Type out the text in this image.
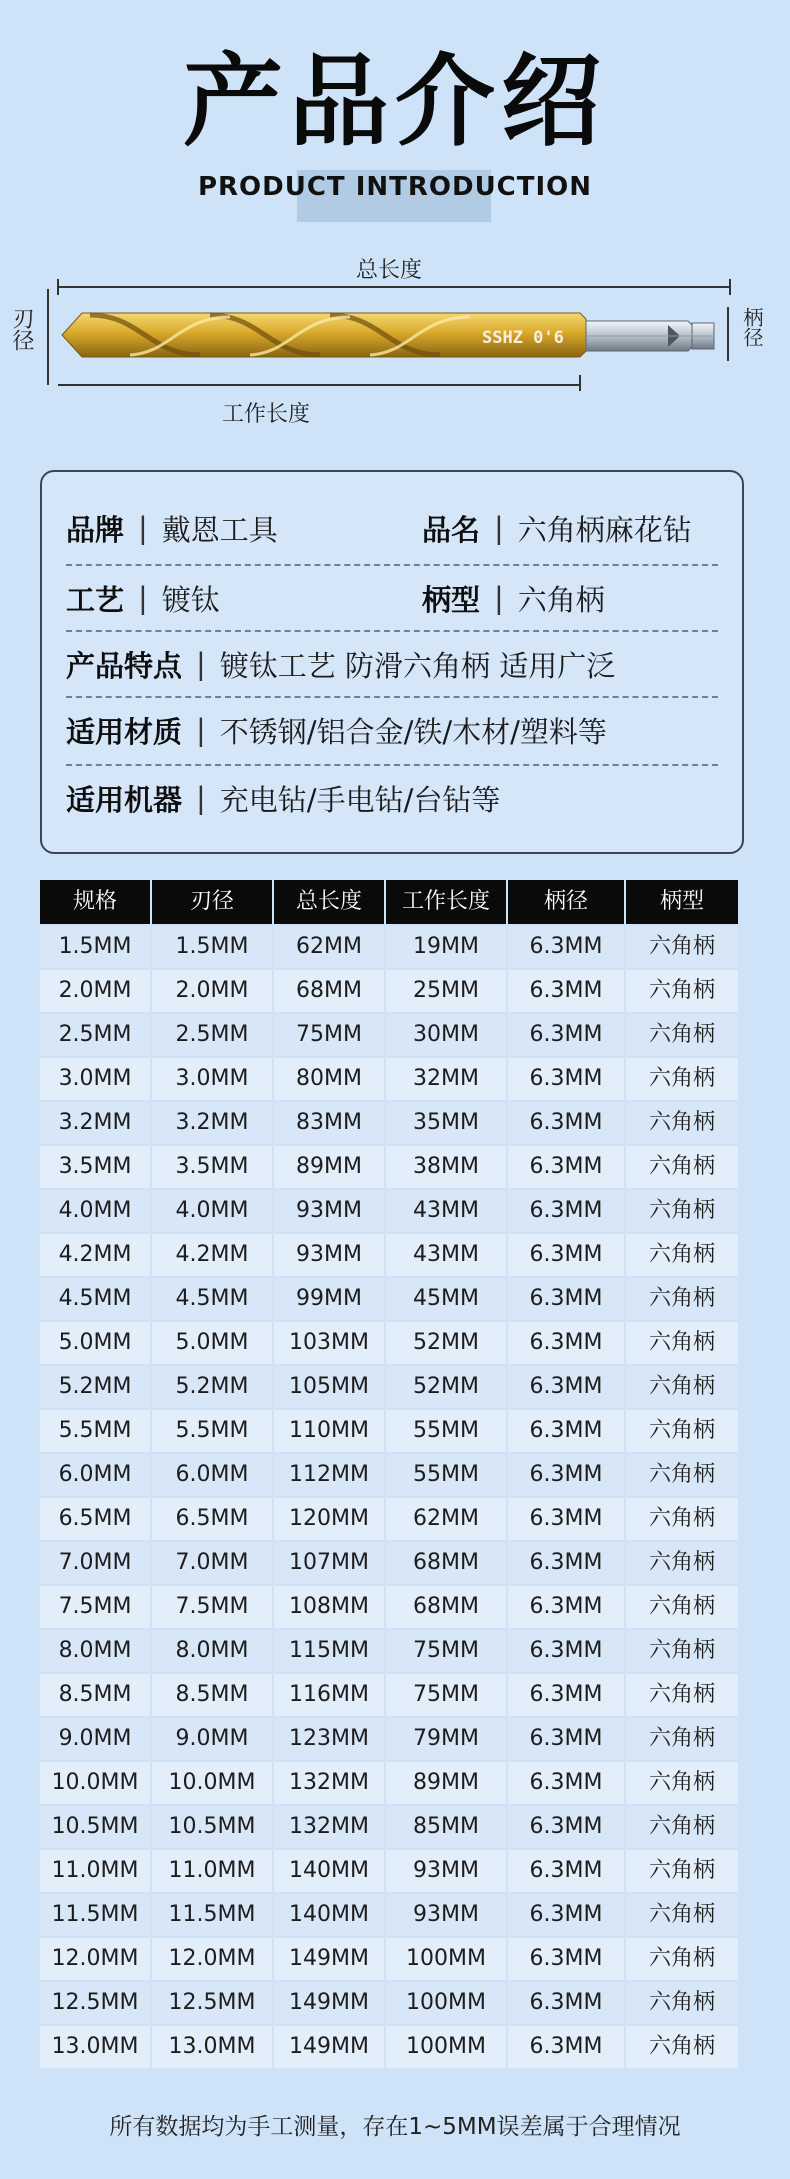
产品介绍
PRODUCT INTRODUCTION
总长度
刃径	柄径
工作长度
SSHZ 0'6
品牌 | 戴恩工具	品名 | 六角柄麻花钻
工艺 | 镀钛	柄型 | 六角柄
产品特点 | 镀钛工艺 防滑六角柄 适用广泛
适用材质 | 不锈钢/铝合金/铁/木材/塑料等
适用机器 | 充电钻/手电钻/台钻等
规格	刃径	总长度	工作长度	柄径	柄型
1.5MM	1.5MM	62MM	19MM	6.3MM	六角柄
2.0MM	2.0MM	68MM	25MM	6.3MM	六角柄
2.5MM	2.5MM	75MM	30MM	6.3MM	六角柄
3.0MM	3.0MM	80MM	32MM	6.3MM	六角柄
3.2MM	3.2MM	83MM	35MM	6.3MM	六角柄
3.5MM	3.5MM	89MM	38MM	6.3MM	六角柄
4.0MM	4.0MM	93MM	43MM	6.3MM	六角柄
4.2MM	4.2MM	93MM	43MM	6.3MM	六角柄
4.5MM	4.5MM	99MM	45MM	6.3MM	六角柄
5.0MM	5.0MM	103MM	52MM	6.3MM	六角柄
5.2MM	5.2MM	105MM	52MM	6.3MM	六角柄
5.5MM	5.5MM	110MM	55MM	6.3MM	六角柄
6.0MM	6.0MM	112MM	55MM	6.3MM	六角柄
6.5MM	6.5MM	120MM	62MM	6.3MM	六角柄
7.0MM	7.0MM	107MM	68MM	6.3MM	六角柄
7.5MM	7.5MM	108MM	68MM	6.3MM	六角柄
8.0MM	8.0MM	115MM	75MM	6.3MM	六角柄
8.5MM	8.5MM	116MM	75MM	6.3MM	六角柄
9.0MM	9.0MM	123MM	79MM	6.3MM	六角柄
10.0MM	10.0MM	132MM	89MM	6.3MM	六角柄
10.5MM	10.5MM	132MM	85MM	6.3MM	六角柄
11.0MM	11.0MM	140MM	93MM	6.3MM	六角柄
11.5MM	11.5MM	140MM	93MM	6.3MM	六角柄
12.0MM	12.0MM	149MM	100MM	6.3MM	六角柄
12.5MM	12.5MM	149MM	100MM	6.3MM	六角柄
13.0MM	13.0MM	149MM	100MM	6.3MM	六角柄
所有数据均为手工测量，存在1~5MM误差属于合理情况
